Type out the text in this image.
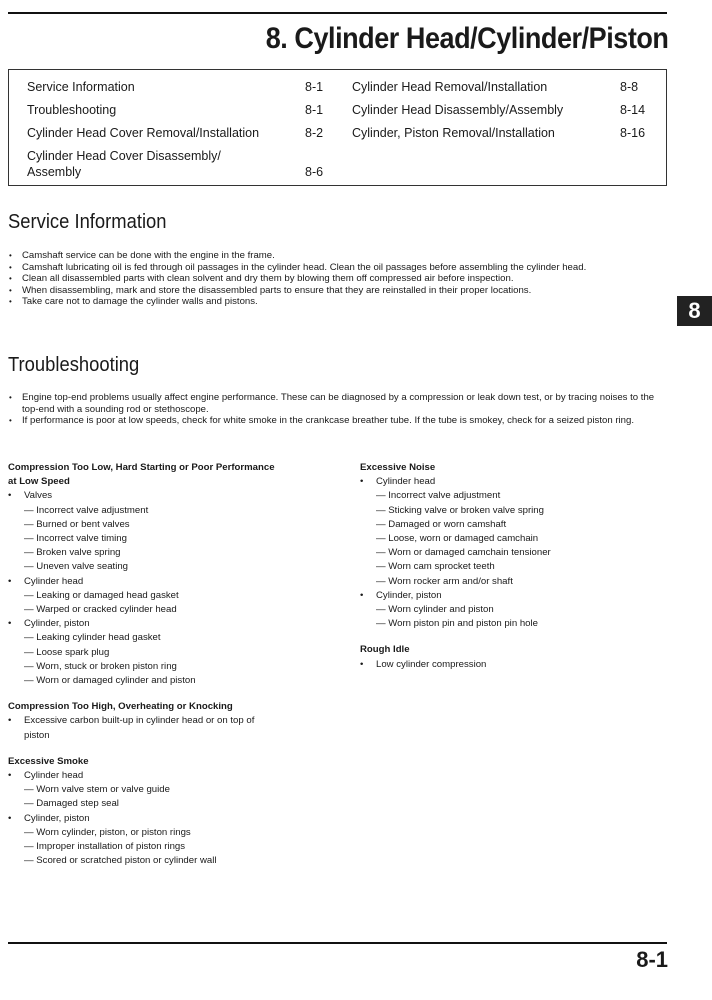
8. Cylinder Head/Cylinder/Piston
Service Information	8-1
Troubleshooting	8-1
Cylinder Head Cover Removal/Installation	8-2
Cylinder Head Cover Disassembly/
Assembly	8-6
Cylinder Head Removal/Installation	8-8
Cylinder Head Disassembly/Assembly	8-14
Cylinder, Piston Removal/Installation	8-16
Service Information
• Camshaft service can be done with the engine in the frame.
• Camshaft lubricating oil is fed through oil passages in the cylinder head. Clean the oil passages before assembling the cylinder head.
• Clean all disassembled parts with clean solvent and dry them by blowing them off compressed air before inspection.
• When disassembling, mark and store the disassembled parts to ensure that they are reinstalled in their proper locations.
• Take care not to damage the cylinder walls and pistons.	8
Troubleshooting
• Engine top-end problems usually affect engine performance. These can be diagnosed by a compression or leak down test, or by tracing noises to the top-end with a sounding rod or stethoscope.
• If performance is poor at low speeds, check for white smoke in the crankcase breather tube. If the tube is smokey, check for a seized piston ring.
Compression Too Low, Hard Starting or Poor Performance
at Low Speed
• Valves
— Incorrect valve adjustment
— Burned or bent valves
— Incorrect valve timing
— Broken valve spring
— Uneven valve seating
• Cylinder head
— Leaking or damaged head gasket
— Warped or cracked cylinder head
• Cylinder, piston
— Leaking cylinder head gasket
— Loose spark plug
— Worn, stuck or broken piston ring
— Worn or damaged cylinder and piston
Compression Too High, Overheating or Knocking
• Excessive carbon built-up in cylinder head or on top of
piston
Excessive Smoke
• Cylinder head
— Worn valve stem or valve guide
— Damaged step seal
• Cylinder, piston
— Worn cylinder, piston, or piston rings
— Improper installation of piston rings
— Scored or scratched piston or cylinder wall
Excessive Noise
• Cylinder head
— Incorrect valve adjustment
— Sticking valve or broken valve spring
— Damaged or worn camshaft
— Loose, worn or damaged camchain
— Worn or damaged camchain tensioner
— Worn cam sprocket teeth
— Worn rocker arm and/or shaft
• Cylinder, piston
— Worn cylinder and piston
— Worn piston pin and piston pin hole
Rough Idle
• Low cylinder compression
8-1
